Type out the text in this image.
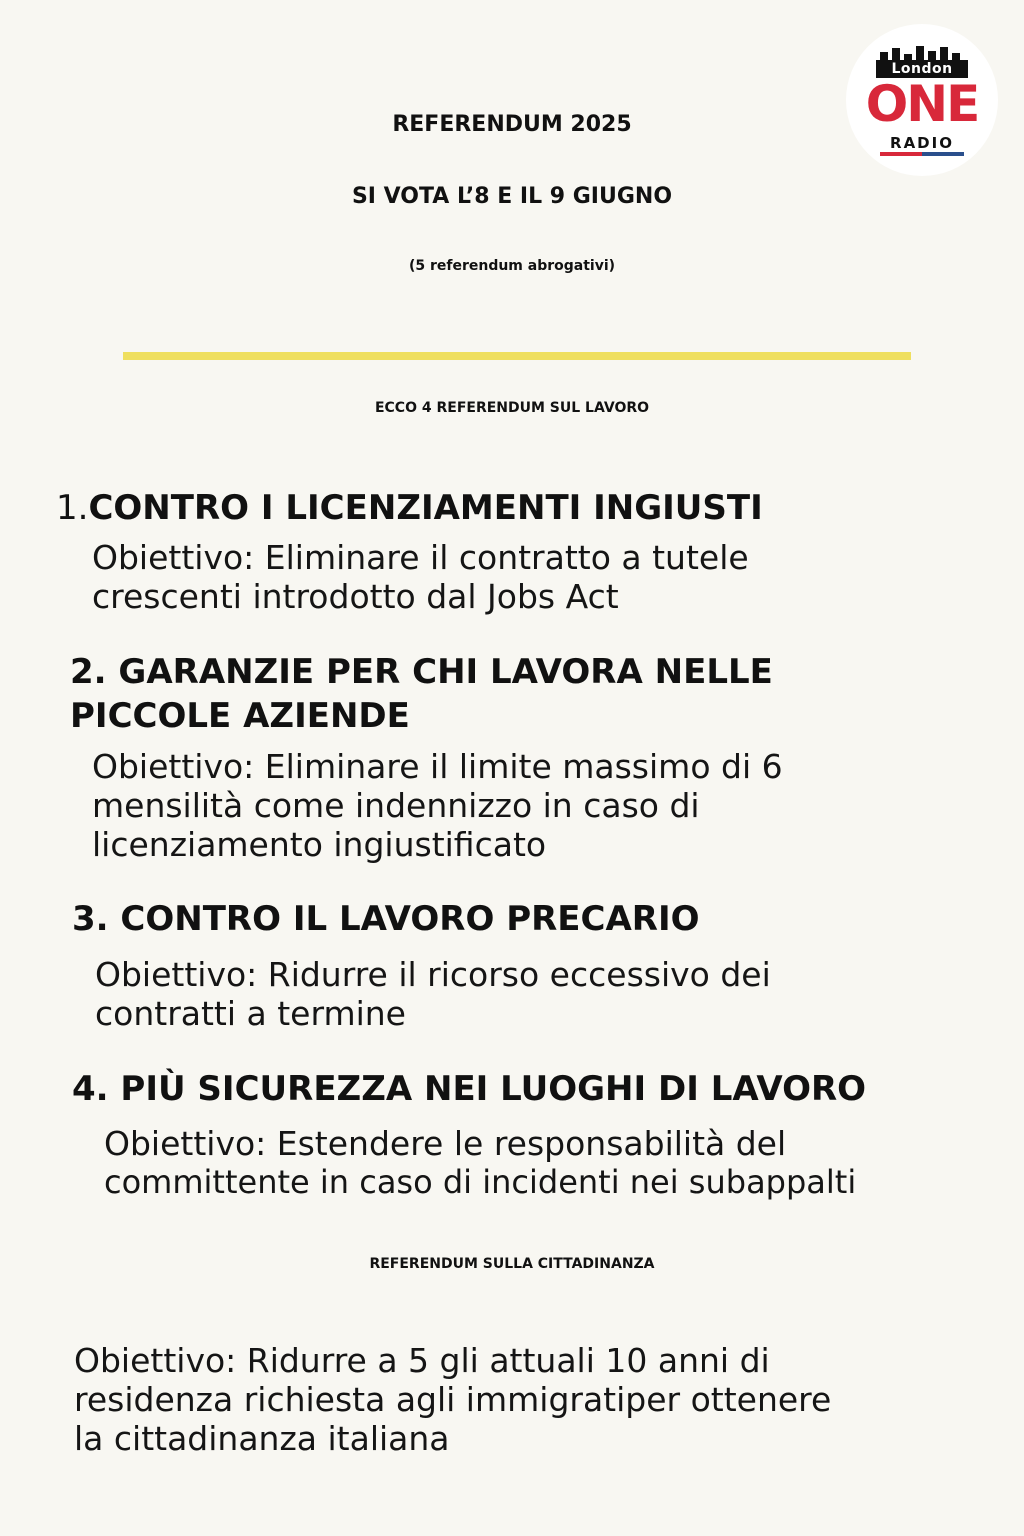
London
ONE
RADIO
REFERENDUM 2025
SI VOTA L’8 E IL 9 GIUGNO
(5 referendum abrogativi)
ECCO 4 REFERENDUM SUL LAVORO
1.CONTRO I LICENZIAMENTI INGIUSTI
Obiettivo: Eliminare il contratto a tutele
crescenti introdotto dal Jobs Act
2. GARANZIE PER CHI LAVORA NELLE
PICCOLE AZIENDE
Obiettivo: Eliminare il limite massimo di 6
mensilità come indennizzo in caso di
licenziamento ingiustificato
3. CONTRO IL LAVORO PRECARIO
Obiettivo: Ridurre il ricorso eccessivo dei
contratti a termine
4. PIÙ SICUREZZA NEI LUOGHI DI LAVORO
Obiettivo: Estendere le responsabilità del
committente in caso di incidenti nei subappalti
REFERENDUM SULLA CITTADINANZA
Obiettivo: Ridurre a 5 gli attuali 10 anni di
residenza richiesta agli immigratiper ottenere
la cittadinanza italiana
